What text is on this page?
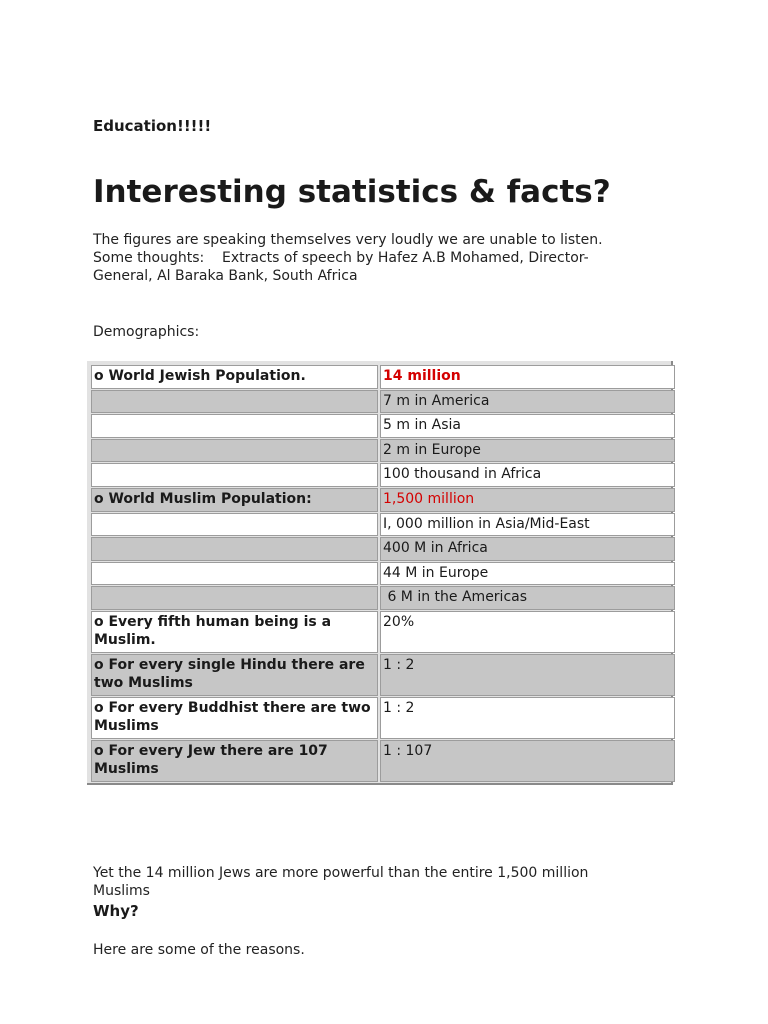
Education!!!!!
Interesting statistics & facts?

The figures are speaking themselves very loudly we are unable to listen.
Some thoughts:    Extracts of speech by Hafez A.B Mohamed, Director-
General, Al Baraka Bank, South Africa

Demographics:
o World Jewish Population.	14 million
7 m in America
5 m in Asia
2 m in Europe
100 thousand in Africa
o World Muslim Population:	1,500 million
I, 000 million in Asia/Mid-East
400 M in Africa
44 M in Europe
6 M in the Americas
o Every fifth human being is a Muslim.
20%
o For every single Hindu there are two Muslims
1 : 2
o For every Buddhist there are two Muslims
1 : 2
o For every Jew there are 107 Muslims
1 : 107

Yet the 14 million Jews are more powerful than the entire 1,500 million
Muslims

Why?
Here are some of the reasons.
